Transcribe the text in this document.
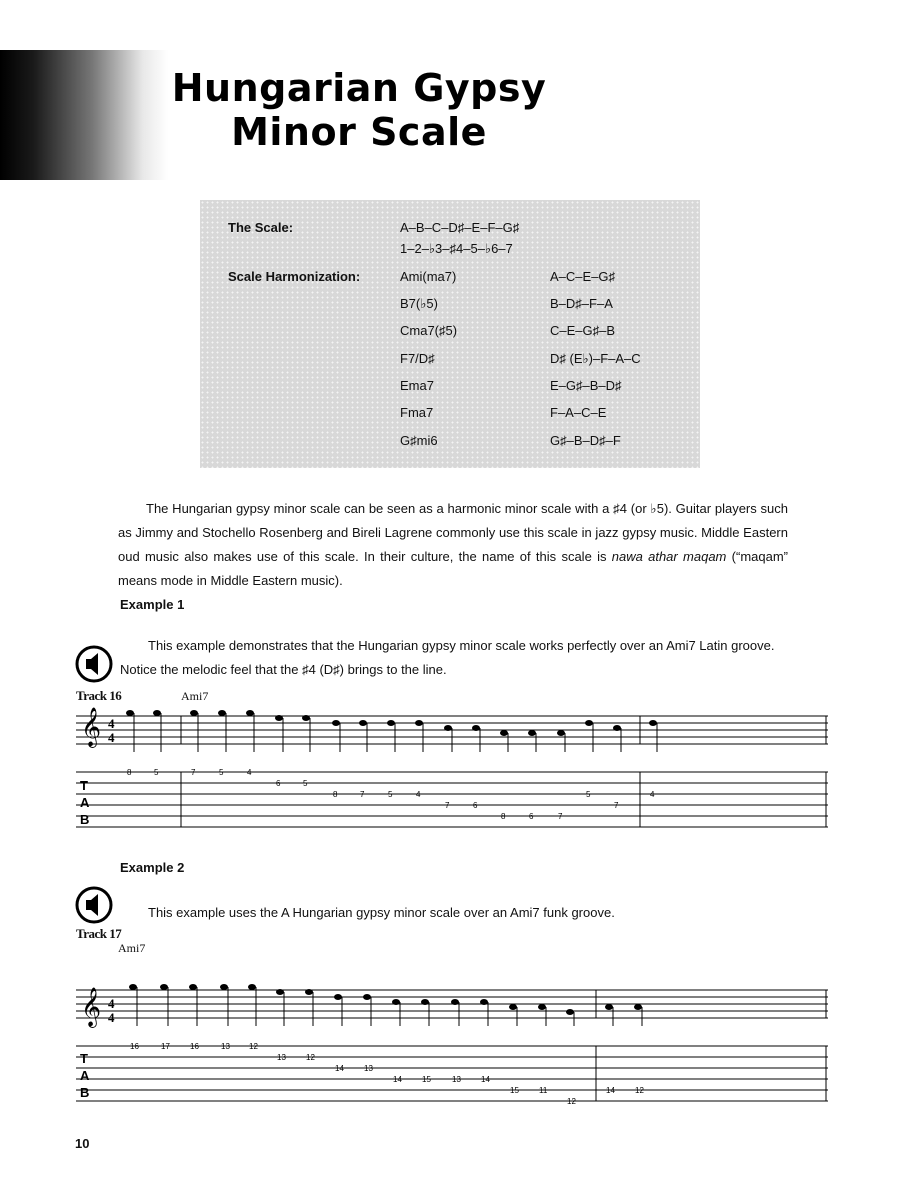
Hungarian Gypsy
Minor Scale
The Scale:	A–B–C–D♯–E–F–G♯
1–2–♭3–♯4–5–♭6–7
Scale Harmonization:	Ami(ma7)	A–C–E–G♯
B7(♭5)	B–D♯–F–A
Cma7(♯5)	C–E–G♯–B
F7/D♯	D♯ (E♭)–F–A–C
Ema7	E–G♯–B–D♯
Fma7	F–A–C–E
G♯mi6	G♯–B–D♯–F
The Hungarian gypsy minor scale can be seen as a harmonic minor scale with a ♯4 (or ♭5). Guitar players such as Jimmy and Stochello Rosenberg and Bireli Lagrene commonly use this scale in jazz gypsy music. Middle Eastern oud music also makes use of this scale. In their culture, the name of this scale is nawa athar maqam (“maqam” means mode in Middle Eastern music).
Example 1
This example demonstrates that the Hungarian gypsy minor scale works perfectly over an Ami7 Latin groove. Notice the melodic feel that the ♯4 (D♯) brings to the line.
Track 16	Ami7
𝄞 4
4
T
A
B
8	5	7	5	4
6	5
8	7	5	4
7	6
8	6	7
5
7
4
Example 2
This example uses the A Hungarian gypsy minor scale over an Ami7 funk groove.
Track 17
Ami7
𝄞 4
4
T
A
B
16	17	16	13 12
13	12
14	13
14	15	13	14
15	11
12
14	12
10
